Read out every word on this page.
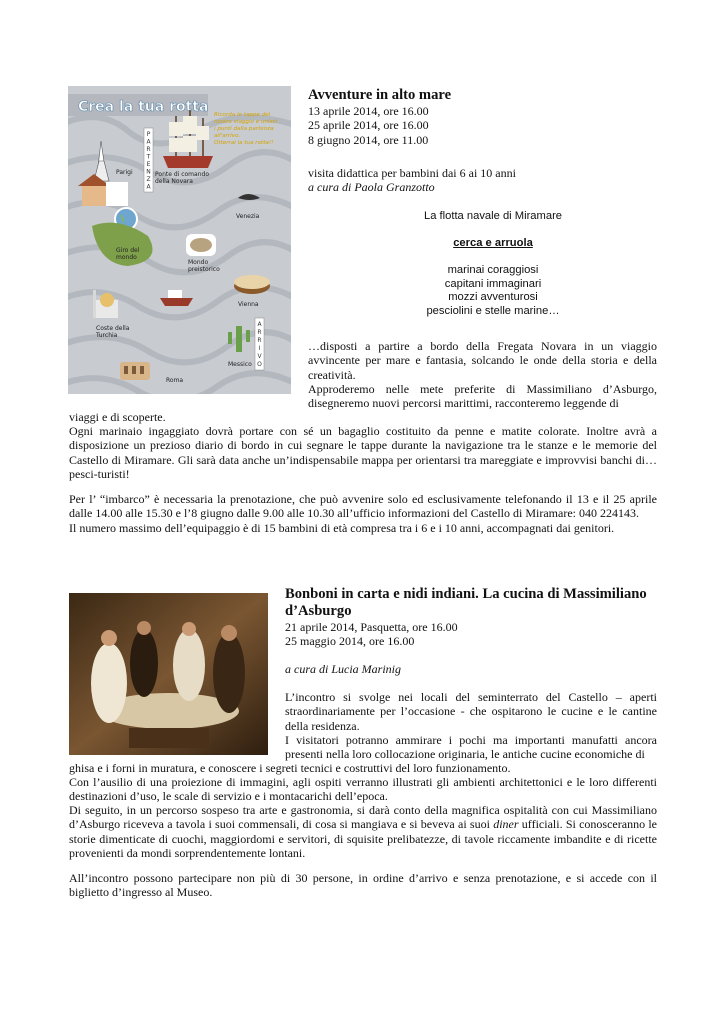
Crea la tua rotta Ricorda le tappe del
nostro viaggio e unisci
i punti dalla partenza
all'arrivo.
Otterrai la tua rotta!!
P
A
R
T
E
N
Z
A
A
R
R
I
V
O
Parigi	Ponte di comando
della Novara
Venezia
Giro del
mondo
Mondo
preistorico
Vienna
Coste della
Turchia
Messico
Roma
Avventure in alto mare
13 aprile 2014, ore 16.00
25 aprile 2014, ore 16.00
8 giugno 2014, ore 11.00
visita didattica per bambini dai 6 ai 10 anni
a cura di Paola Granzotto
La flotta navale di Miramare
cerca e arruola
marinai coraggiosi
capitani immaginari
mozzi avventurosi
pesciolini e stelle marine…
…disposti a partire a bordo della Fregata Novara in un viaggio avvincente per mare e fantasia, solcando le onde della storia e della creatività.
Approderemo nelle mete preferite di Massimiliano d’Asburgo, disegneremo nuovi percorsi marittimi, racconteremo leggende di
viaggi e di scoperte.
Ogni marinaio ingaggiato dovrà portare con sé un bagaglio costituito da penne e matite colorate. Inoltre avrà a disposizione un prezioso diario di bordo in cui segnare le tappe durante la navigazione tra le stanze e le memorie del Castello di Miramare. Gli sarà data anche un’indispensabile mappa per orientarsi tra mareggiate e improvvisi banchi di…pesci-turisti!
Per l’ “imbarco” è necessaria la prenotazione, che può avvenire solo ed esclusivamente telefonando il 13 e il 25 aprile dalle 14.00 alle 15.30 e l’8 giugno dalle 9.00 alle 10.30 all’ufficio informazioni del Castello di Miramare: 040 224143.
Il numero massimo dell’equipaggio è di 15 bambini di età compresa tra i 6 e i 10 anni, accompagnati dai genitori.
Bonboni in carta e nidi indiani. La cucina di Massimiliano d’Asburgo
21 aprile 2014, Pasquetta, ore 16.00
25 maggio 2014, ore 16.00
a cura di Lucia Marinig
L’incontro si svolge nei locali del seminterrato del Castello – aperti straordinariamente per l’occasione - che ospitarono le cucine e le cantine della residenza.
I visitatori potranno ammirare i pochi ma importanti manufatti ancora presenti nella loro collocazione originaria, le antiche cucine economiche di
ghisa e i forni in muratura, e conoscere i segreti tecnici e costruttivi del loro funzionamento.
Con l’ausilio di una proiezione di immagini, agli ospiti verranno illustrati gli ambienti architettonici e le loro differenti destinazioni d’uso, le scale di servizio e i montacarichi dell’epoca.
Di seguito, in un percorso sospeso tra arte e gastronomia, si darà conto della magnifica ospitalità con cui Massimiliano d’Asburgo riceveva a tavola i suoi commensali, di cosa si mangiava e si beveva ai suoi diner ufficiali. Si conosceranno le storie dimenticate di cuochi, maggiordomi e servitori, di squisite prelibatezze, di tavole riccamente imbandite e di ricette provenienti da mondi sorprendentemente lontani.
All’incontro possono partecipare non più di 30 persone, in ordine d’arrivo e senza prenotazione, e si accede con il biglietto d’ingresso al Museo.
